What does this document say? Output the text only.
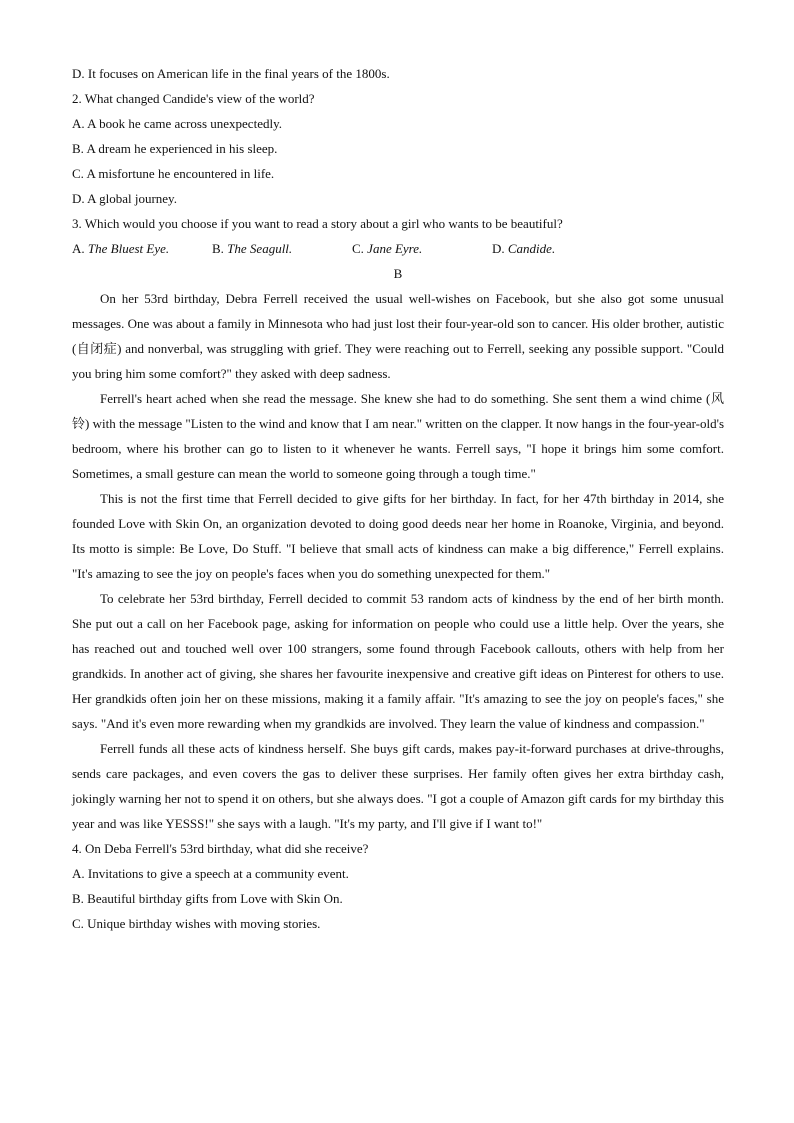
D. It focuses on American life in the final years of the 1800s.
2. What changed Candide's view of the world?
A. A book he came across unexpectedly.
B. A dream he experienced in his sleep.
C. A misfortune he encountered in life.
D. A global journey.
3. Which would you choose if you want to read a story about a girl who wants to be beautiful?
A. The Bluest Eye.	B. The Seagull.	C. Jane Eyre.	D. Candide.
B

On her 53rd birthday, Debra Ferrell received the usual well-wishes on Facebook, but she also got some unusual messages. One was about a family in Minnesota who had just lost their four-year-old son to cancer. His older brother, autistic (自闭症) and nonverbal, was struggling with grief. They were reaching out to Ferrell, seeking any possible support. "Could you bring him some comfort?" they asked with deep sadness.

Ferrell's heart ached when she read the message. She knew she had to do something. She sent them a wind chime (风铃) with the message "Listen to the wind and know that I am near." written on the clapper. It now hangs in the four-year-old's bedroom, where his brother can go to listen to it whenever he wants. Ferrell says, "I hope it brings him some comfort. Sometimes, a small gesture can mean the world to someone going through a tough time."

This is not the first time that Ferrell decided to give gifts for her birthday. In fact, for her 47th birthday in 2014, she founded Love with Skin On, an organization devoted to doing good deeds near her home in Roanoke, Virginia, and beyond. Its motto is simple: Be Love, Do Stuff. "I believe that small acts of kindness can make a big difference," Ferrell explains. "It's amazing to see the joy on people's faces when you do something unexpected for them."

To celebrate her 53rd birthday, Ferrell decided to commit 53 random acts of kindness by the end of her birth month. She put out a call on her Facebook page, asking for information on people who could use a little help. Over the years, she has reached out and touched well over 100 strangers, some found through Facebook callouts, others with help from her grandkids. In another act of giving, she shares her favourite inexpensive and creative gift ideas on Pinterest for others to use. Her grandkids often join her on these missions, making it a family affair. "It's amazing to see the joy on people's faces," she says. "And it's even more rewarding when my grandkids are involved. They learn the value of kindness and compassion."

Ferrell funds all these acts of kindness herself. She buys gift cards, makes pay-it-forward purchases at drive-throughs, sends care packages, and even covers the gas to deliver these surprises. Her family often gives her extra birthday cash, jokingly warning her not to spend it on others, but she always does. "I got a couple of Amazon gift cards for my birthday this year and was like YESSS!" she says with a laugh. "It's my party, and I'll give if I want to!"

4. On Deba Ferrell's 53rd birthday, what did she receive?
A. Invitations to give a speech at a community event.
B. Beautiful birthday gifts from Love with Skin On.
C. Unique birthday wishes with moving stories.
